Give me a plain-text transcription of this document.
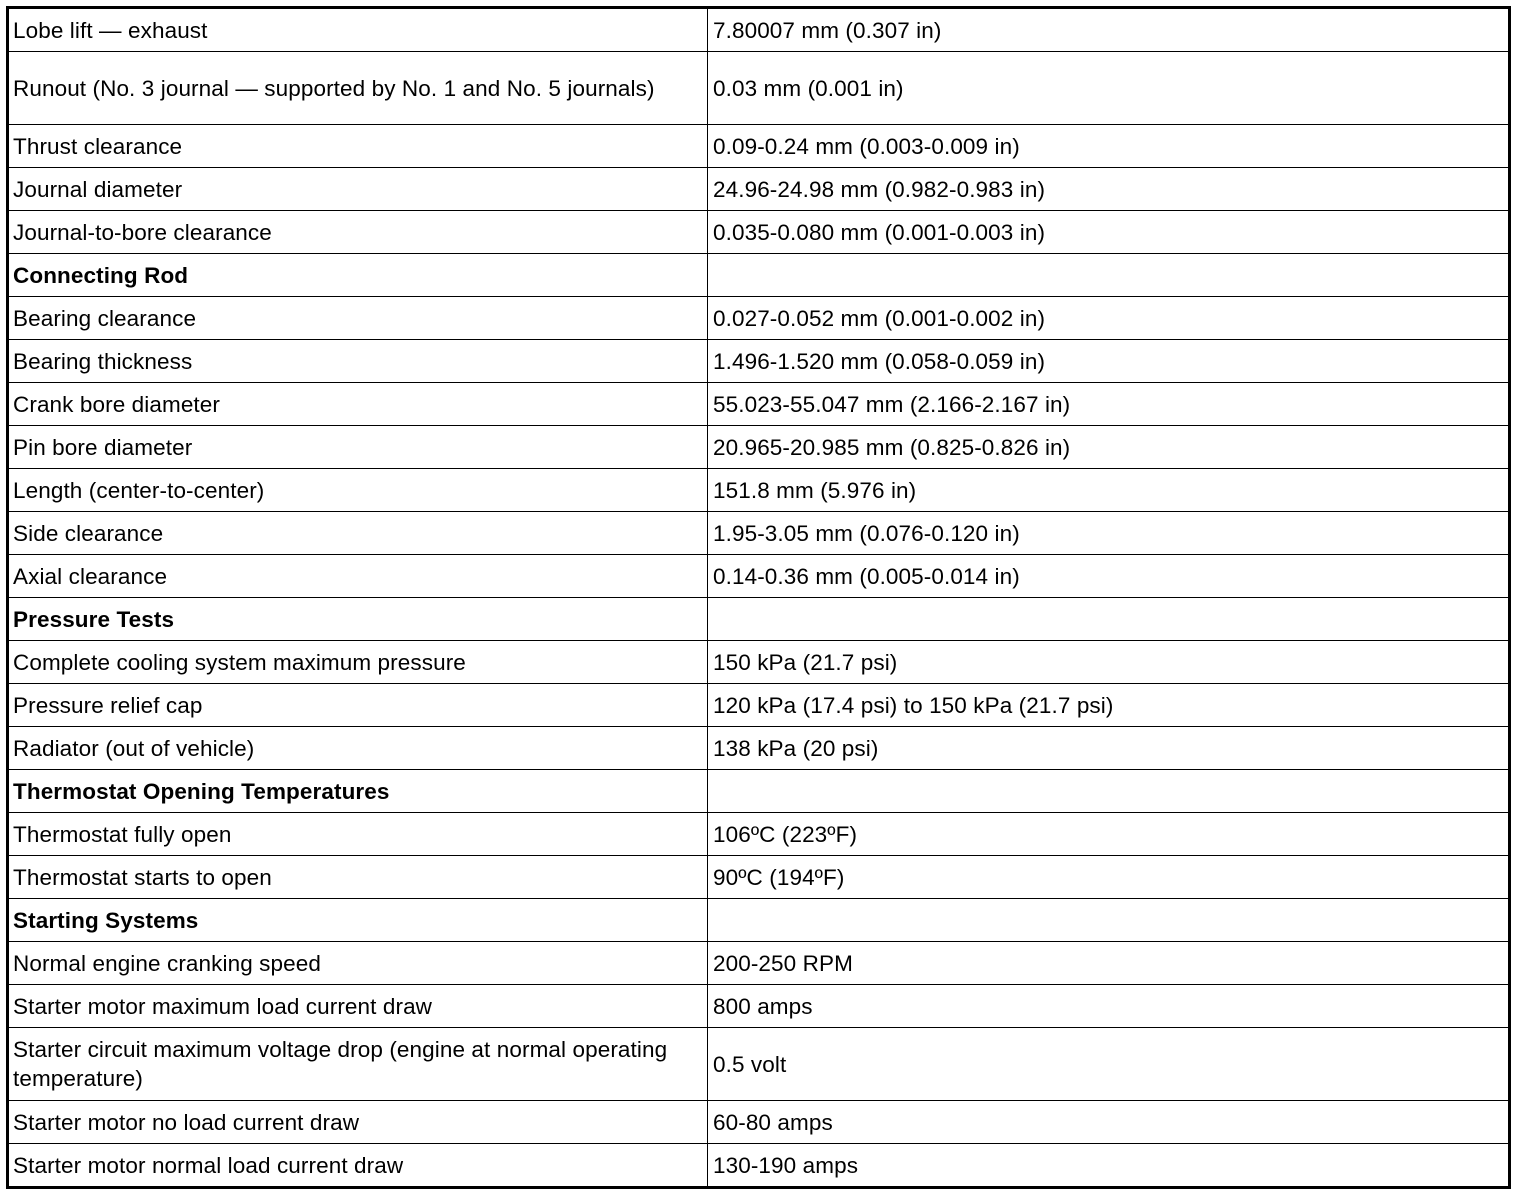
Lobe lift — exhaust	7.80007 mm (0.307 in)
Runout (No. 3 journal — supported by No. 1 and No. 5 journals)	0.03 mm (0.001 in)
Thrust clearance	0.09-0.24 mm (0.003-0.009 in)
Journal diameter	24.96-24.98 mm (0.982-0.983 in)
Journal-to-bore clearance	0.035-0.080 mm (0.001-0.003 in)
Connecting Rod	
Bearing clearance	0.027-0.052 mm (0.001-0.002 in)
Bearing thickness	1.496-1.520 mm (0.058-0.059 in)
Crank bore diameter	55.023-55.047 mm (2.166-2.167 in)
Pin bore diameter	20.965-20.985 mm (0.825-0.826 in)
Length (center-to-center)	151.8 mm (5.976 in)
Side clearance	1.95-3.05 mm (0.076-0.120 in)
Axial clearance	0.14-0.36 mm (0.005-0.014 in)
Pressure Tests	
Complete cooling system maximum pressure	150 kPa (21.7 psi)
Pressure relief cap	120 kPa (17.4 psi) to 150 kPa (21.7 psi)
Radiator (out of vehicle)	138 kPa (20 psi)
Thermostat Opening Temperatures	
Thermostat fully open	106ºC (223ºF)
Thermostat starts to open	90ºC (194ºF)
Starting Systems	
Normal engine cranking speed	200-250 RPM
Starter motor maximum load current draw	800 amps
Starter circuit maximum voltage drop (engine at normal operating temperature)	0.5 volt
Starter motor no load current draw	60-80 amps
Starter motor normal load current draw	130-190 amps
